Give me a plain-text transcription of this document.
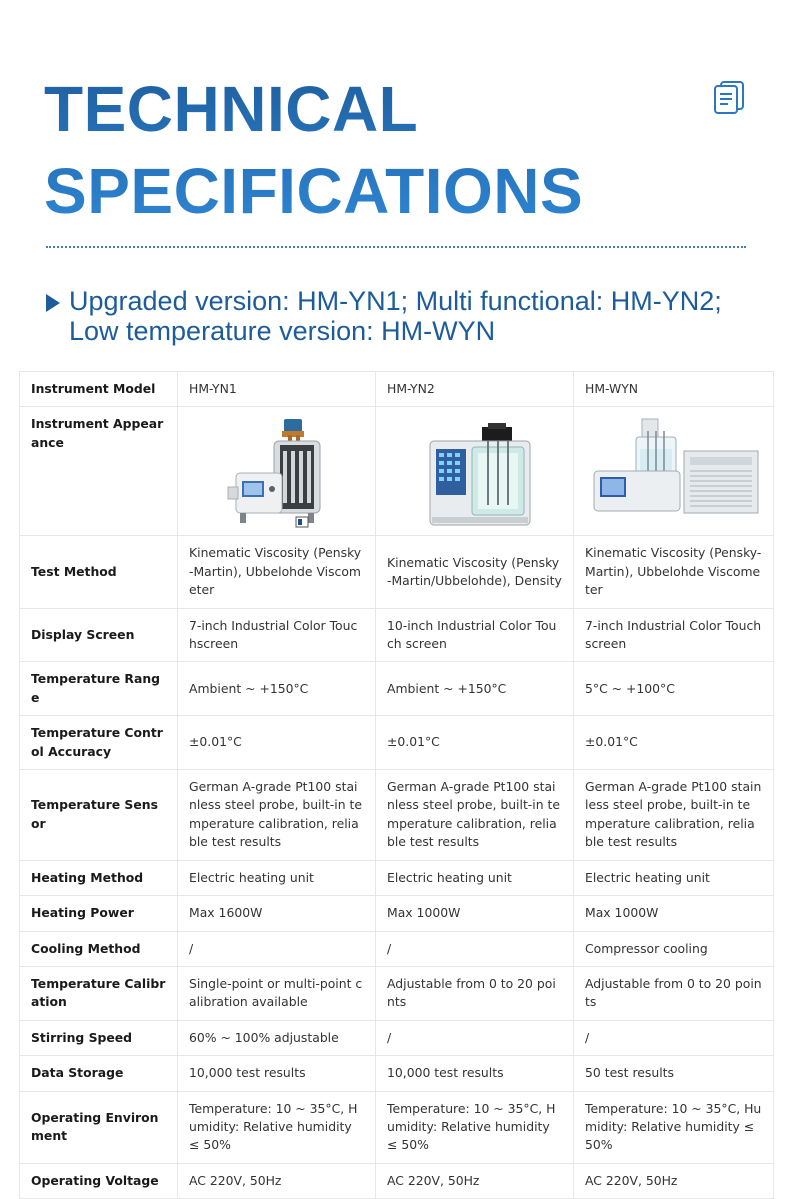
TECHNICAL
SPECIFICATIONS
Upgraded version: HM-YN1; Multi functional: HM-YN2; Low temperature version: HM-WYN
Instrument Model	HM-YN1	HM-YN2	HM-WYN
Instrument Appearance	

Test Method	Kinematic Viscosity (Pensky-Martin), Ubbelohde Viscometer	Kinematic Viscosity (Pensky-Martin/Ubbelohde), Density	Kinematic Viscosity (Pensky-Martin), Ubbelohde Viscometer
Display Screen	7-inch Industrial Color Touchscreen	10-inch Industrial Color Touch screen	7-inch Industrial Color Touchscreen
Temperature Range	Ambient ~ +150°C	Ambient ~ +150°C	5°C ~ +100°C
Temperature Control Accuracy	±0.01°C	±0.01°C	±0.01°C
Temperature Sensor	German A-grade Pt100 stainless steel probe, built-in temperature calibration, reliable test results	German A-grade Pt100 stainless steel probe, built-in temperature calibration, reliable test results	German A-grade Pt100 stainless steel probe, built-in temperature calibration, reliable test results
Heating Method	Electric heating unit	Electric heating unit	Electric heating unit
Heating Power	Max 1600W	Max 1000W	Max 1000W
Cooling Method	/	/	Compressor cooling
Temperature Calibration	Single-point or multi-point calibration available	Adjustable from 0 to 20 points	Adjustable from 0 to 20 points
Stirring Speed	60% ~ 100% adjustable	/	/
Data Storage	10,000 test results	10,000 test results	50 test results
Operating Environment	Temperature: 10 ~ 35°C, Humidity: Relative humidity ≤ 50%	Temperature: 10 ~ 35°C, Humidity: Relative humidity ≤ 50%	Temperature: 10 ~ 35°C, Humidity: Relative humidity ≤ 50%
Operating Voltage	AC 220V, 50Hz	AC 220V, 50Hz	AC 220V, 50Hz
